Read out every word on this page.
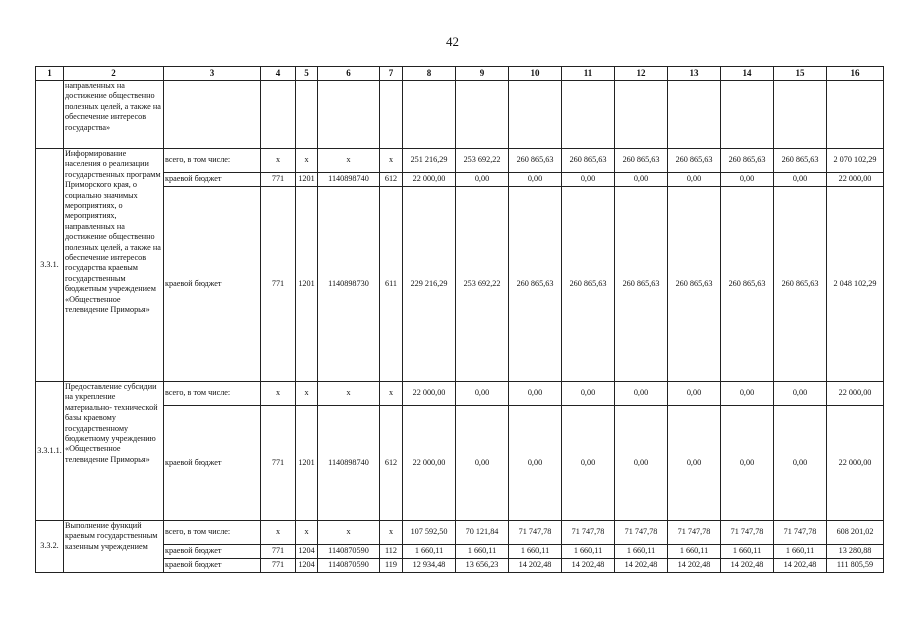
42
1	2	3	4	5	6	7	8	9	10	11	12	13	14	15	16
	направленных на достижение общественно полезных целей, а также на обеспечение интересов государства»														
3.3.1.	Информирование населения о реализации государственных программ Приморского края, о социально значимых мероприятиях, о мероприятиях, направленных на достижение общественно полезных целей, а также на обеспечение интересов государства краевым государственным бюджетным учреждением «Общественное телевидение Приморья»	всего, в том числе:	x	x	x	x	251 216,29	253 692,22	260 865,63	260 865,63	260 865,63	260 865,63	260 865,63	260 865,63	2 070 102,29
		краевой бюджет	771	1201	1140898740	612	22 000,00	0,00	0,00	0,00	0,00	0,00	0,00	0,00	22 000,00
		краевой бюджет	771	1201	1140898730	611	229 216,29	253 692,22	260 865,63	260 865,63	260 865,63	260 865,63	260 865,63	260 865,63	2 048 102,29
3.3.1.1.	Предоставление субсидии на укрепление материально- технической базы краевому государственному бюджетному учреждению «Общественное телевидение Приморья»	всего, в том числе:	x	x	x	x	22 000,00	0,00	0,00	0,00	0,00	0,00	0,00	0,00	22 000,00
		краевой бюджет	771	1201	1140898740	612	22 000,00	0,00	0,00	0,00	0,00	0,00	0,00	0,00	22 000,00
3.3.2.	Выполнение функций краевым государственным казенным учреждением	всего, в том числе:	x	x	x	x	107 592,50	70 121,84	71 747,78	71 747,78	71 747,78	71 747,78	71 747,78	71 747,78	608 201,02
		краевой бюджет	771	1204	1140870590	112	1 660,11	1 660,11	1 660,11	1 660,11	1 660,11	1 660,11	1 660,11	1 660,11	13 280,88
		краевой бюджет	771	1204	1140870590	119	12 934,48	13 656,23	14 202,48	14 202,48	14 202,48	14 202,48	14 202,48	14 202,48	111 805,59
